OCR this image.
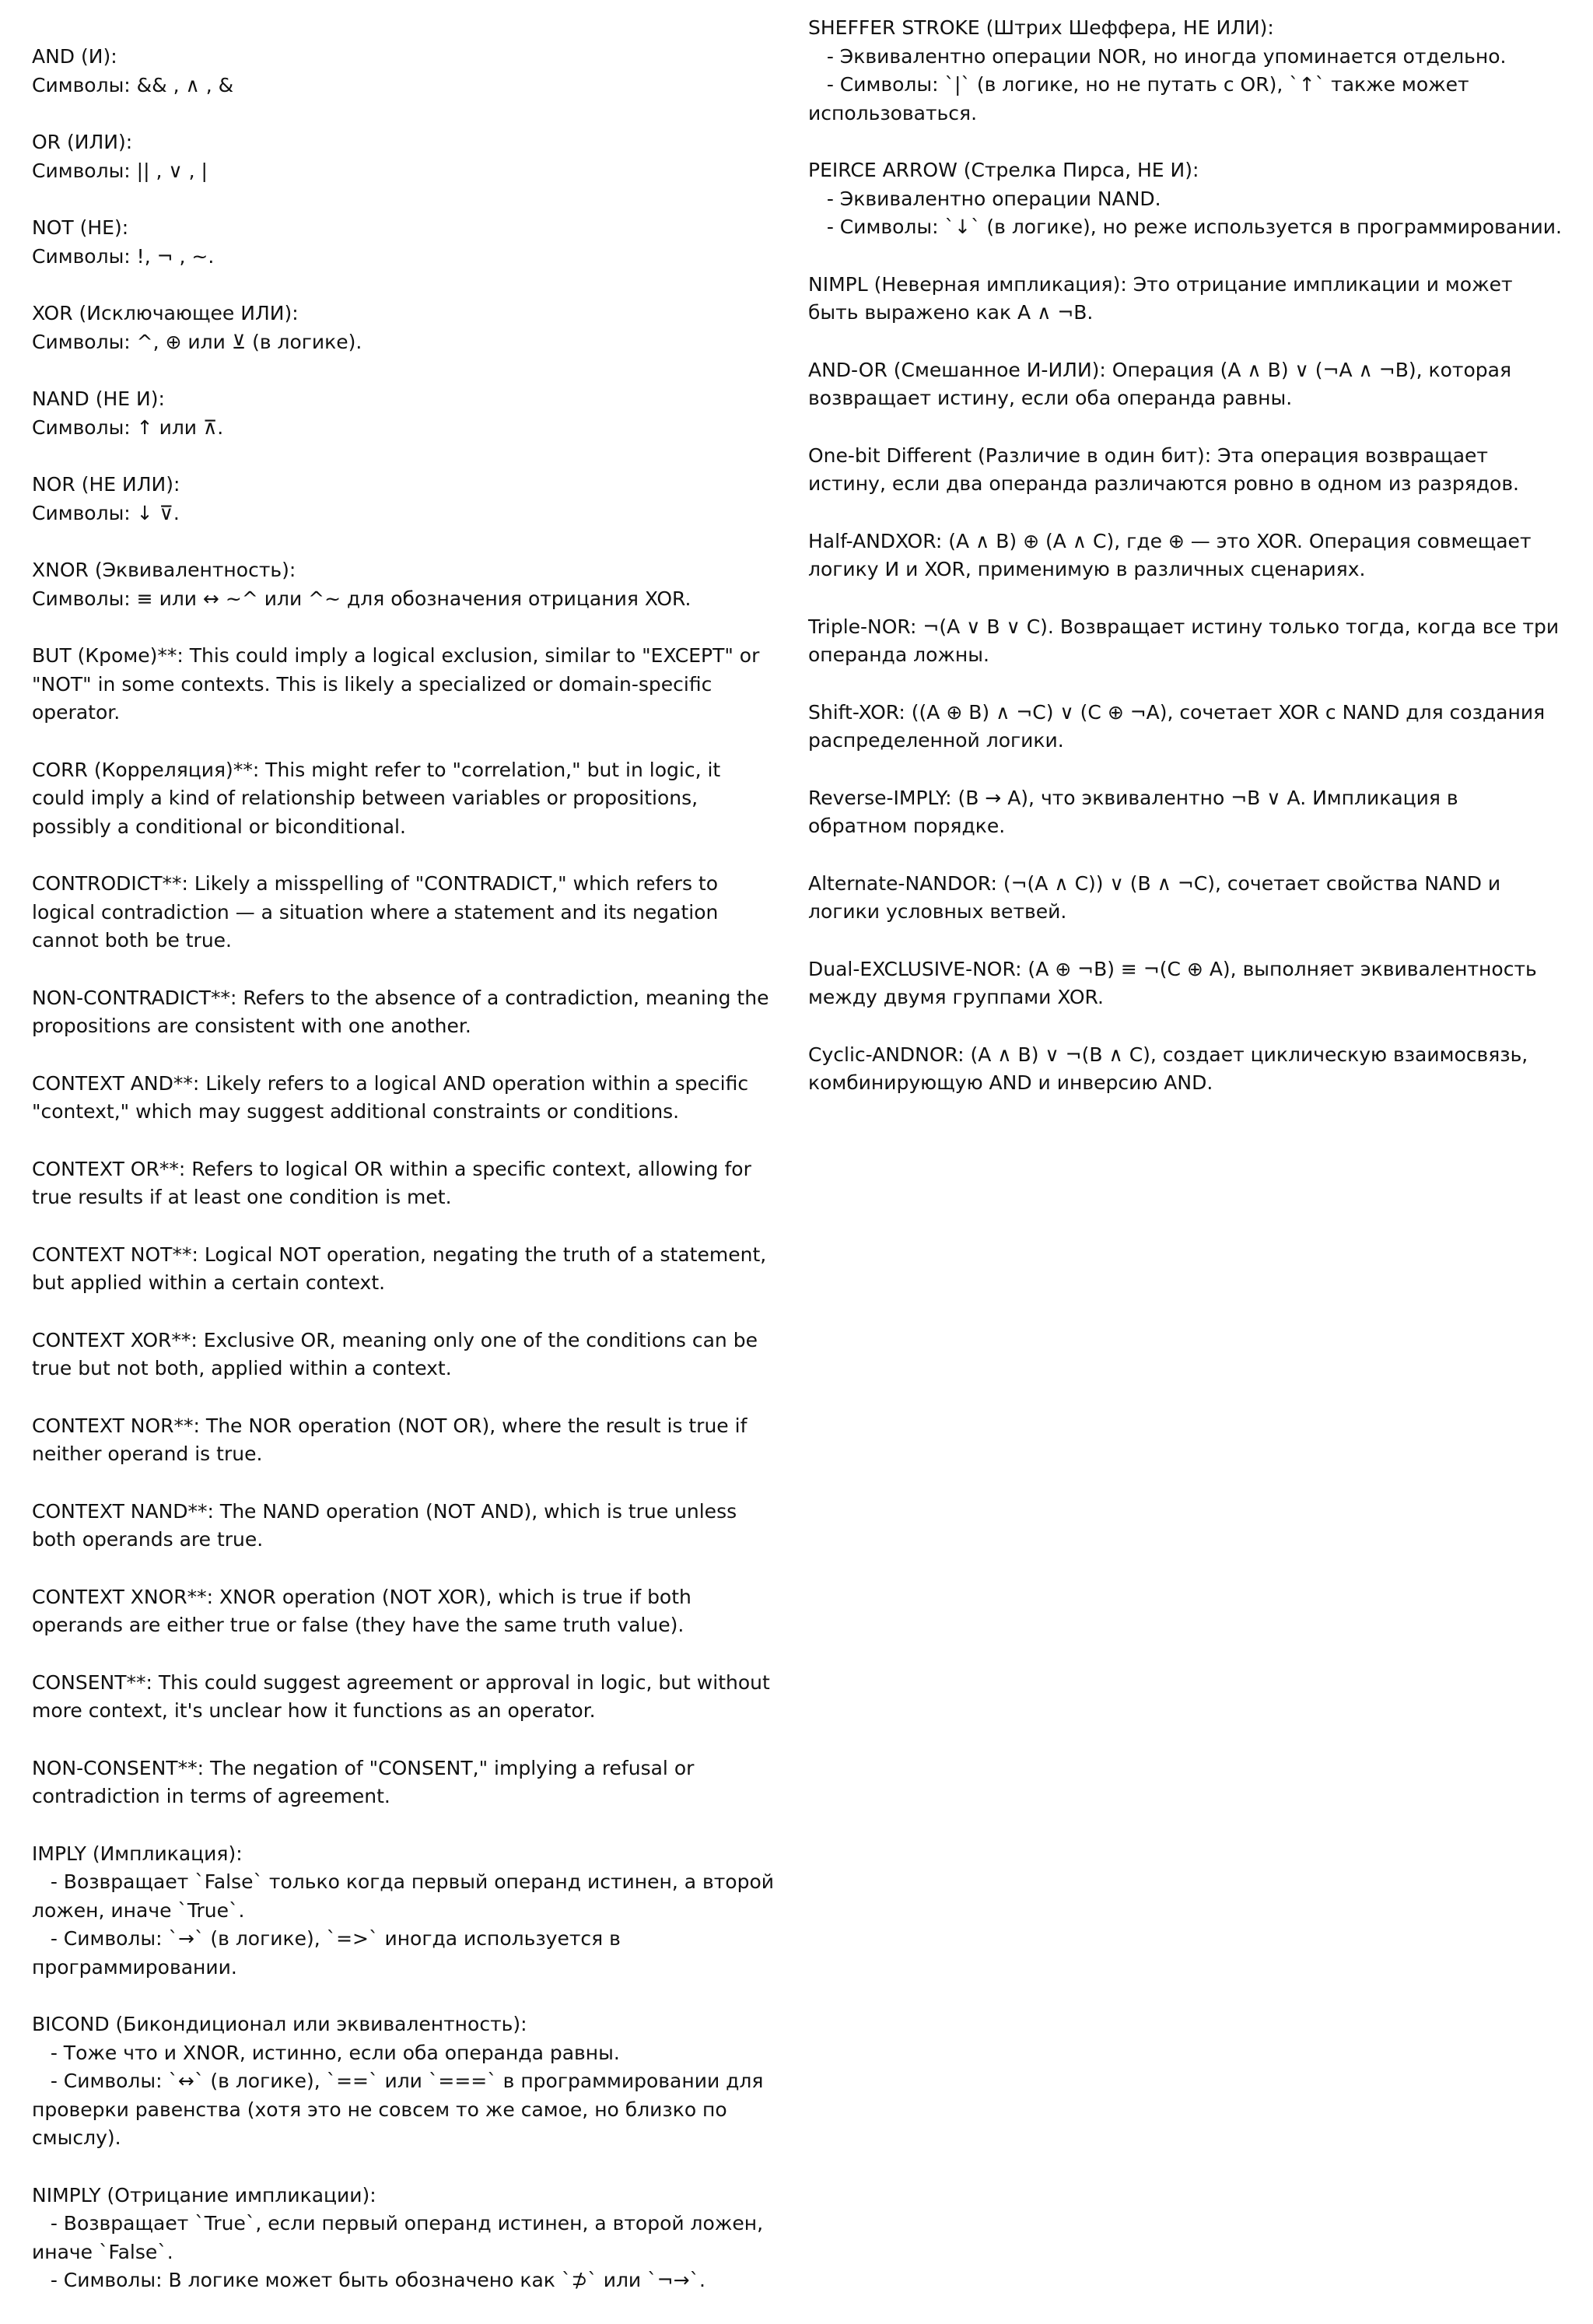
AND (И):
Символы: && , ∧ , &
OR (ИЛИ):
Символы: || , ∨ , |
NOT (НЕ):
Символы: !, ¬ , ~.
XOR (Исключающее ИЛИ):
Символы: ^, ⊕ или ⊻ (в логике).
NAND (НЕ И):
Символы: ↑ или ⊼.
NOR (НЕ ИЛИ):
Символы: ↓ ⊽.
XNOR (Эквивалентность):
Символы: ≡ или ↔ ~^ или ^~ для обозначения отрицания XOR.
BUT (Кроме)**: This could imply a logical exclusion, similar to "EXCEPT" or "NOT" in some contexts. This is likely a specialized or domain-specific operator.
CORR (Корреляция)**: This might refer to "correlation," but in logic, it could imply a kind of relationship between variables or propositions, possibly a conditional or biconditional.
CONTRODICT**: Likely a misspelling of "CONTRADICT," which refers to logical contradiction — a situation where a statement and its negation cannot both be true.
NON-CONTRADICT**: Refers to the absence of a contradiction, meaning the propositions are consistent with one another.
CONTEXT AND**: Likely refers to a logical AND operation within a specific "context," which may suggest additional constraints or conditions.
CONTEXT OR**: Refers to logical OR within a specific context, allowing for true results if at least one condition is met.
CONTEXT NOT**: Logical NOT operation, negating the truth of a statement, but applied within a certain context.
CONTEXT XOR**: Exclusive OR, meaning only one of the conditions can be true but not both, applied within a context.
CONTEXT NOR**: The NOR operation (NOT OR), where the result is true if neither operand is true.
CONTEXT NAND**: The NAND operation (NOT AND), which is true unless both operands are true.
CONTEXT XNOR**: XNOR operation (NOT XOR), which is true if both operands are either true or false (they have the same truth value).
CONSENT**: This could suggest agreement or approval in logic, but without more context, it's unclear how it functions as an operator.
NON-CONSENT**: The negation of "CONSENT," implying a refusal or contradiction in terms of agreement.
IMPLY (Импликация):
- Возвращает `False` только когда первый операнд истинен, а второй ложен, иначе `True`.
- Символы: `→` (в логике), `=>` иногда используется в программировании.
BICOND (Бикондиционал или эквивалентность):
- Тоже что и XNOR, истинно, если оба операнда равны.
- Символы: `↔` (в логике), `==` или `===` в программировании для проверки равенства (хотя это не совсем то же самое, но близко по смыслу).
NIMPLY (Отрицание импликации):
- Возвращает `True`, если первый операнд истинен, а второй ложен, иначе `False`.
- Символы: В логике может быть обозначено как `⊅` или `¬→`.
SHEFFER STROKE (Штрих Шеффера, НЕ ИЛИ):
- Эквивалентно операции NOR, но иногда упоминается отдельно.
- Символы: `|` (в логике, но не путать с OR), `↑` также может использоваться.
PEIRCE ARROW (Стрелка Пирса, НЕ И):
- Эквивалентно операции NAND.
- Символы: `↓` (в логике), но реже используется в программировании.
NIMPL (Неверная импликация): Это отрицание импликации и может быть выражено как A ∧ ¬B.
AND-OR (Смешанное И-ИЛИ): Операция (A ∧ B) ∨ (¬A ∧ ¬B), которая возвращает истину, если оба операнда равны.
One-bit Different (Различие в один бит): Эта операция возвращает истину, если два операнда различаются ровно в одном из разрядов.
Half-ANDXOR: (A ∧ B) ⊕ (A ∧ C), где ⊕ — это XOR. Операция совмещает логику И и XOR, применимую в различных сценариях.
Triple-NOR: ¬(A ∨ B ∨ C). Возвращает истину только тогда, когда все три операнда ложны.
Shift-XOR: ((A ⊕ B) ∧ ¬C) ∨ (C ⊕ ¬A), сочетает XOR с NAND для создания распределенной логики.
Reverse-IMPLY: (B → A), что эквивалентно ¬B ∨ A. Импликация в обратном порядке.
Alternate-NANDOR: (¬(A ∧ C)) ∨ (B ∧ ¬C), сочетает свойства NAND и логики условных ветвей.
Dual-EXCLUSIVE-NOR: (A ⊕ ¬B) ≡ ¬(C ⊕ A), выполняет эквивалентность между двумя группами XOR.
Cyclic-ANDNOR: (A ∧ B) ∨ ¬(B ∧ C), создает циклическую взаимосвязь, комбинирующую AND и инверсию AND.
